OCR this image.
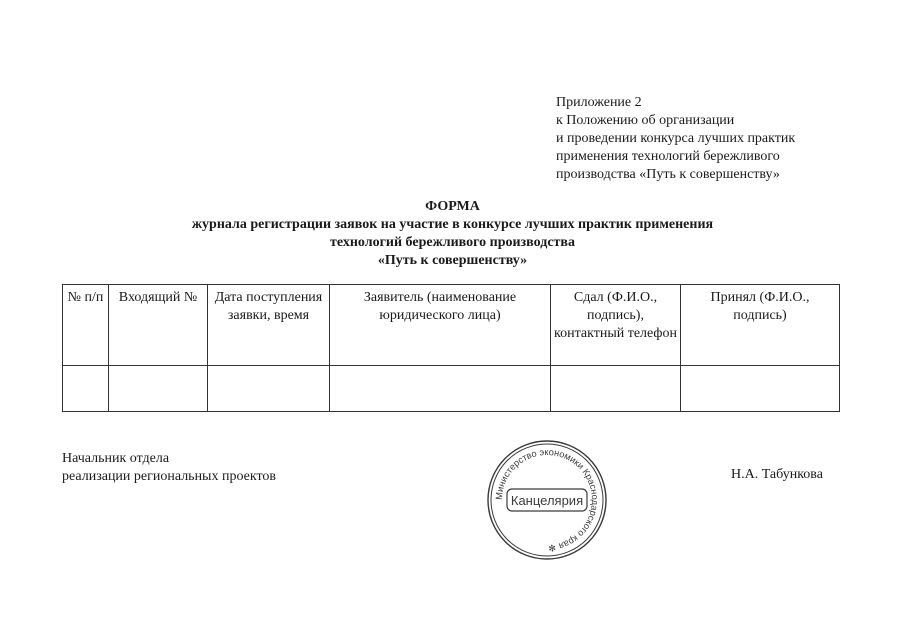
Приложение 2
к Положению об организации
и проведении конкурса лучших практик
применения технологий бережливого
производства «Путь к совершенству»
ФОРМА
журнала регистрации заявок на участие в конкурсе лучших практик применения
технологий бережливого производства
«Путь к совершенству»
№ п/п	Входящий №	Дата поступления заявки, время	Заявитель (наименование юридического лица)	Сдал (Ф.И.О., подпись), контактный телефон	Принял (Ф.И.О., подпись)

Начальник отдела
реализации региональных проектов	Н.А. Табункова
Министерство экономики Краснодарского края ✻
Канцелярия
